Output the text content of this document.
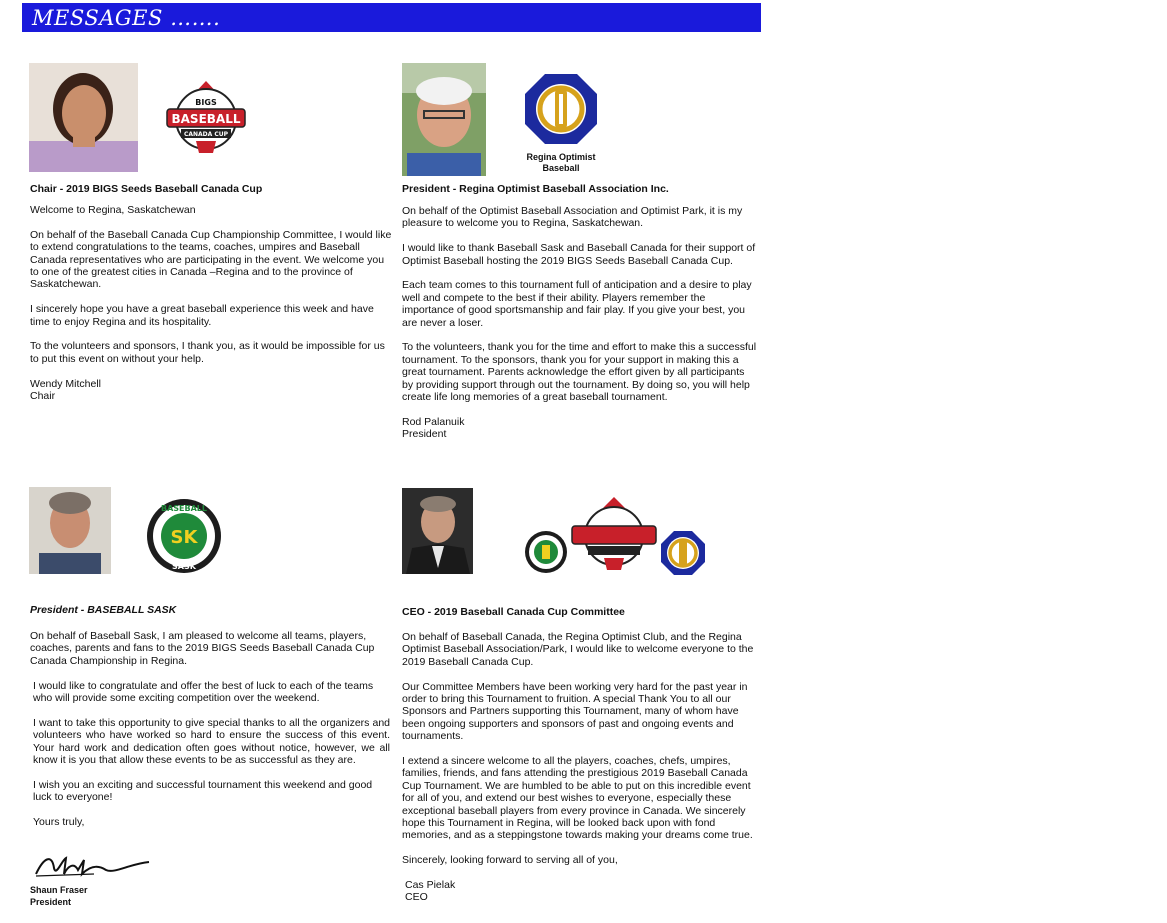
MESSAGES …….
BIGS
BASEBALL
CANADA CUP
Chair - 2019 BIGS Seeds Baseball Canada Cup

Welcome to Regina, Saskatchewan

On behalf of the Baseball Canada Cup Championship Committee, I would like to extend congratulations to the teams, coaches, umpires and Baseball Canada representatives who are participating in the event. We welcome you to one of the greatest cities in Canada –Regina and to the province of Saskatchewan.

I sincerely hope you have a great baseball experience this week and have time to enjoy Regina and its hospitality.

To the volunteers and sponsors, I thank you, as it would be impossible for us to put this event on without your help.

Wendy Mitchell
Chair
Regina Optimist
Baseball
President - Regina Optimist Baseball Association Inc.

On behalf of the Optimist Baseball Association and Optimist Park, it is my pleasure to welcome you to Regina, Saskatchewan.

I would like to thank Baseball Sask and Baseball Canada for their support of Optimist Baseball hosting the 2019 BIGS Seeds Baseball Canada Cup.

Each team comes to this tournament full of anticipation and a desire to play well and compete to the best if their ability. Players remember the importance of good sportsmanship and fair play. If you give your best, you are never a loser.

To the volunteers, thank you for the time and effort to make this a successful tournament. To the sponsors, thank you for your support in making this a great tournament. Parents acknowledge the effort given by all participants by providing support through out the tournament. By doing so, you will help create life long memories of a great baseball tournament.

Rod Palanuik
President
BASEBALL
SK
SASK
President - BASEBALL SASK

On behalf of Baseball Sask, I am pleased to welcome all teams, players, coaches, parents and fans to the 2019 BIGS Seeds Baseball Canada Cup Canada Championship in Regina.

I would like to congratulate and offer the best of luck to each of the teams who will provide some exciting competition over the weekend.

I want to take this opportunity to give special thanks to all the organizers and volunteers who have worked so hard to ensure the success of this event. Your hard work and dedication often goes without notice, however, we all know it is you that allow these events to be as successful as they are.

I wish you an exciting and successful tournament this weekend and good luck to everyone!

Yours truly,
Shaun Fraser
President
CEO - 2019 Baseball Canada Cup Committee

On behalf of Baseball Canada, the Regina Optimist Club, and the Regina Optimist Baseball Association/Park, I would like to welcome everyone to the 2019 Baseball Canada Cup.

Our Committee Members have been working very hard for the past year in order to bring this Tournament to fruition. A special Thank You to all our Sponsors and Partners supporting this Tournament, many of whom have been ongoing supporters and sponsors of past and ongoing events and tournaments.

I extend a sincere welcome to all the players, coaches, chefs, umpires, families, friends, and fans attending the prestigious 2019 Baseball Canada Cup Tournament. We are humbled to be able to put on this incredible event for all of you, and extend our best wishes to everyone, especially these exceptional baseball players from every province in Canada. We sincerely hope this Tournament in Regina, will be looked back upon with fond memories, and as a steppingstone towards making your dreams come true.

Sincerely, looking forward to serving all of you,

Cas Pielak
CEO
